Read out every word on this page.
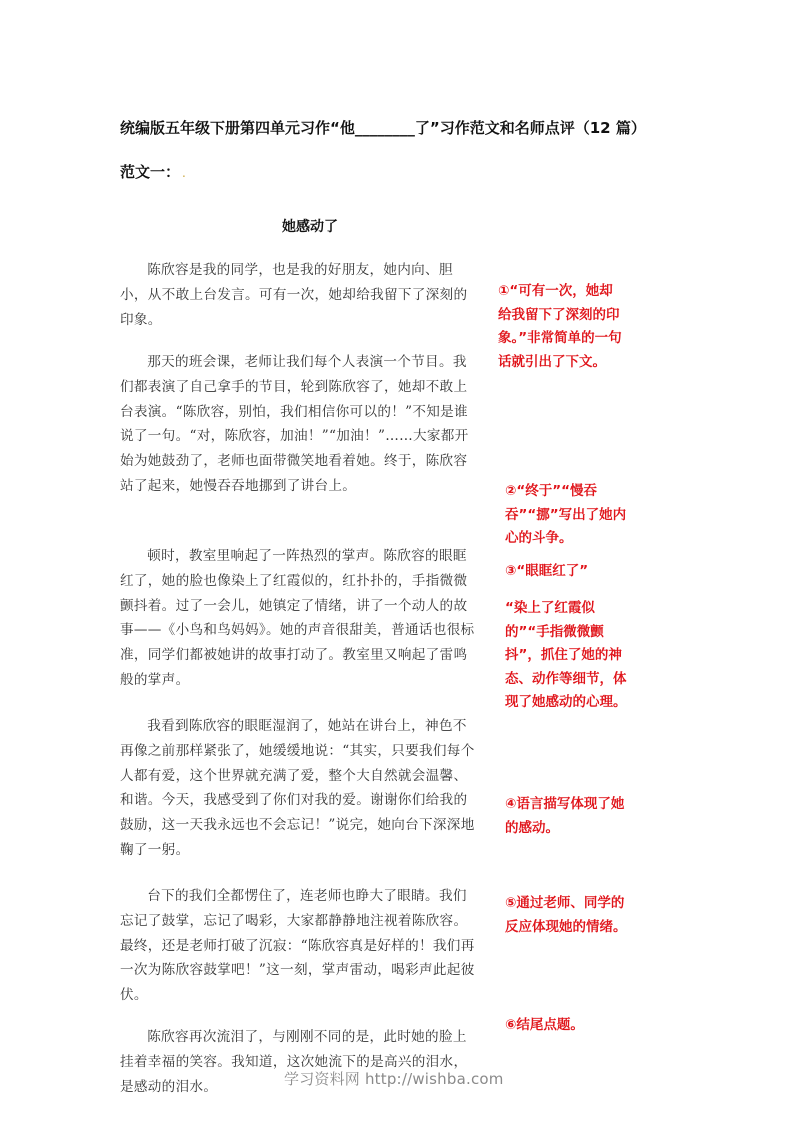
统编版五年级下册第四单元习作“他________了”习作范文和名师点评（12 篇）
范文一： .
她感动了

陈欣容是我的同学，也是我的好朋友，她内向、胆小，从不敢上台发言。可有一次，她却给我留下了深刻的印象。

那天的班会课，老师让我们每个人表演一个节目。我们都表演了自己拿手的节目，轮到陈欣容了，她却不敢上台表演。“陈欣容，别怕，我们相信你可以的！”不知是谁说了一句。“对，陈欣容，加油！”“加油！”……大家都开始为她鼓劲了，老师也面带微笑地看着她。终于，陈欣容站了起来，她慢吞吞地挪到了讲台上。

顿时，教室里响起了一阵热烈的掌声。陈欣容的眼眶红了，她的脸也像染上了红霞似的，红扑扑的，手指微微颤抖着。过了一会儿，她镇定了情绪，讲了一个动人的故事——《小鸟和鸟妈妈》。她的声音很甜美，普通话也很标准，同学们都被她讲的故事打动了。教室里又响起了雷鸣般的掌声。

我看到陈欣容的眼眶湿润了，她站在讲台上，神色不再像之前那样紧张了，她缓缓地说：“其实，只要我们每个人都有爱，这个世界就充满了爱，整个大自然就会温馨、和谐。今天，我感受到了你们对我的爱。谢谢你们给我的鼓励，这一天我永远也不会忘记！”说完，她向台下深深地鞠了一躬。

台下的我们全都愣住了，连老师也睁大了眼睛。我们忘记了鼓掌，忘记了喝彩，大家都静静地注视着陈欣容。最终，还是老师打破了沉寂：“陈欣容真是好样的！我们再一次为陈欣容鼓掌吧！”这一刻，掌声雷动，喝彩声此起彼伏。

陈欣容再次流泪了，与刚刚不同的是，此时她的脸上挂着幸福的笑容。我知道，这次她流下的是高兴的泪水，是感动的泪水。

①“可有一次，她却给我留下了深刻的印象。”非常简单的一句话就引出了下文。

②“终于”“慢吞吞”“挪”写出了她内心的斗争。

③“眼眶红了”

“染上了红霞似的”“手指微微颤抖”，抓住了她的神态、动作等细节，体现了她感动的心理。

④语言描写体现了她的感动。

⑤通过老师、同学的反应体现她的情绪。

⑥结尾点题。

学习资料网 http://wishba.com
